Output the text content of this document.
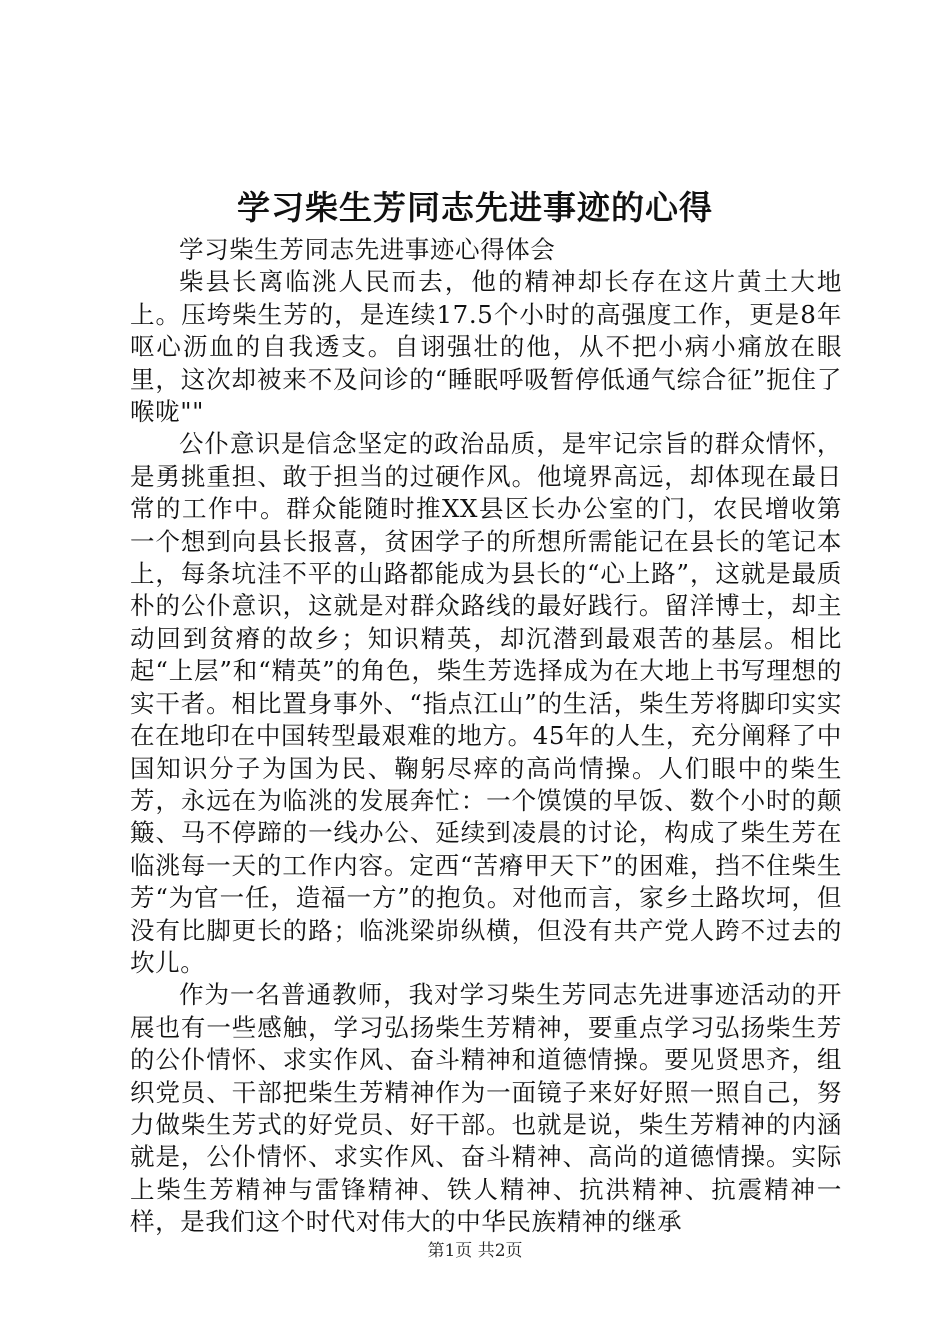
学习柴生芳同志先进事迹的心得

学习柴生芳同志先进事迹心得体会

柴县长离临洮人民而去，他的精神却长存在这片黄土大地上。压垮柴生芳的，是连续17.5个小时的高强度工作，更是8年呕心沥血的自我透支。自诩强壮的他，从不把小病小痛放在眼里，这次却被来不及问诊的“睡眠呼吸暂停低通气综合征”扼住了喉咙""

公仆意识是信念坚定的政治品质，是牢记宗旨的群众情怀，是勇挑重担、敢于担当的过硬作风。他境界高远，却体现在最日常的工作中。群众能随时推XX县区长办公室的门，农民增收第一个想到向县长报喜，贫困学子的所想所需能记在县长的笔记本上，每条坑洼不平的山路都能成为县长的“心上路”，这就是最质朴的公仆意识，这就是对群众路线的最好践行。留洋博士，却主动回到贫瘠的故乡；知识精英，却沉潜到最艰苦的基层。相比起“上层”和“精英”的角色，柴生芳选择成为在大地上书写理想的实干者。相比置身事外、“指点江山”的生活，柴生芳将脚印实实在在地印在中国转型最艰难的地方。45年的人生，充分阐释了中国知识分子为国为民、鞠躬尽瘁的高尚情操。人们眼中的柴生芳，永远在为临洮的发展奔忙：一个馍馍的早饭、数个小时的颠簸、马不停蹄的一线办公、延续到凌晨的讨论，构成了柴生芳在临洮每一天的工作内容。定西“苦瘠甲天下”的困难，挡不住柴生芳“为官一任，造福一方”的抱负。对他而言，家乡土路坎坷，但没有比脚更长的路；临洮梁峁纵横，但没有共产党人跨不过去的坎儿。

作为一名普通教师，我对学习柴生芳同志先进事迹活动的开展也有一些感触，学习弘扬柴生芳精神，要重点学习弘扬柴生芳的公仆情怀、求实作风、奋斗精神和道德情操。要见贤思齐，组织党员、干部把柴生芳精神作为一面镜子来好好照一照自己，努力做柴生芳式的好党员、好干部。也就是说，柴生芳精神的内涵就是，公仆情怀、求实作风、奋斗精神、高尚的道德情操。实际上柴生芳精神与雷锋精神、铁人精神、抗洪精神、抗震精神一样，是我们这个时代对伟大的中华民族精神的继承

第1页 共2页
